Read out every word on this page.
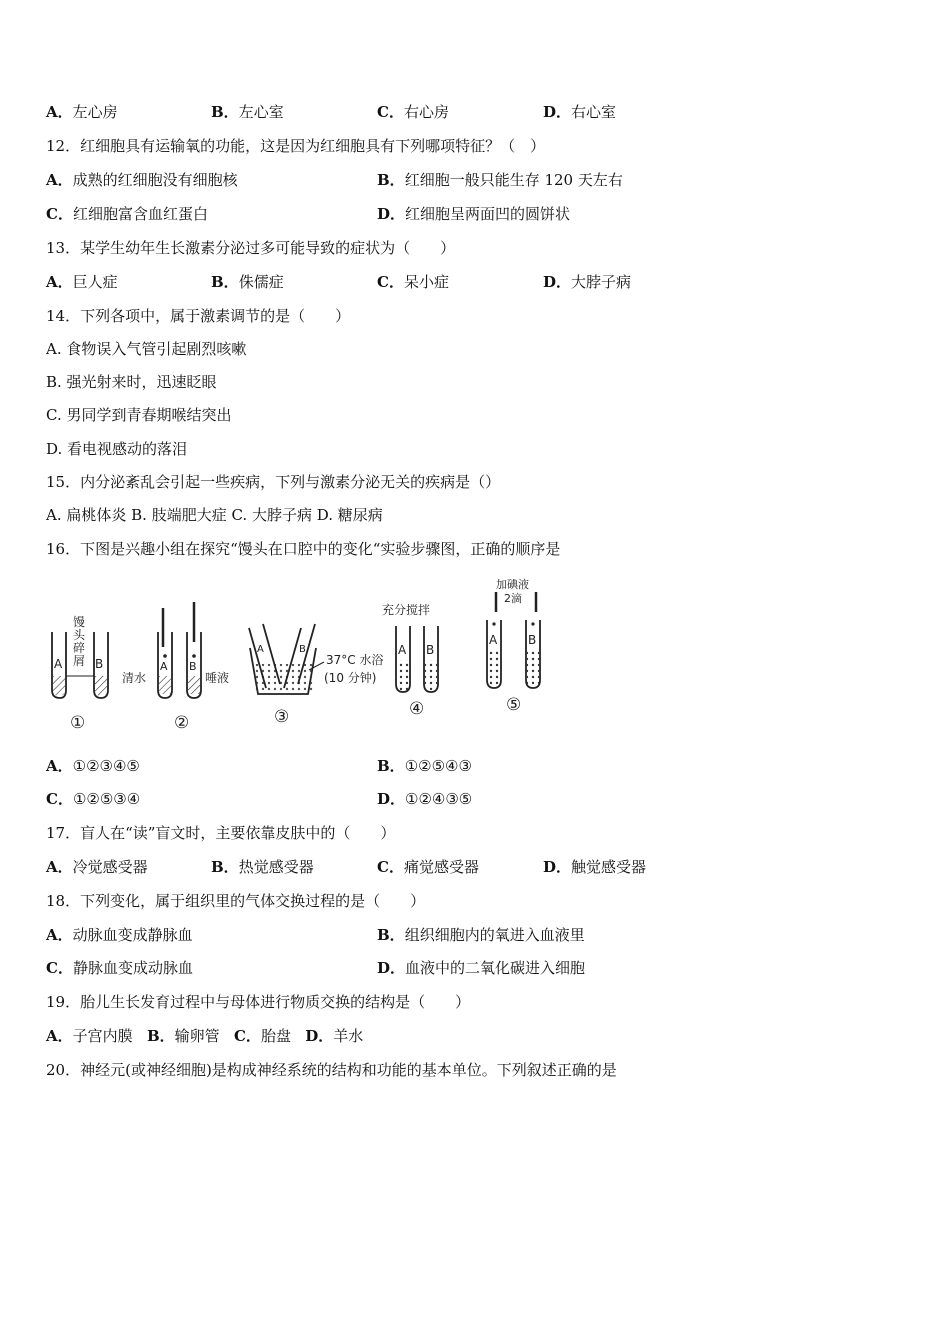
A．左心房	B．左心室	C．右心房	D．右心室
12．红细胞具有运输氧的功能，这是因为红细胞具有下列哪项特征？（　）
A．成熟的红细胞没有细胞核	B．红细胞一般只能生存 120 天左右
C．红细胞富含血红蛋白	D．红细胞呈两面凹的圆饼状
13．某学生幼年生长激素分泌过多可能导致的症状为（　　）
A．巨人症	B．侏儒症	C．呆小症	D．大脖子病
14．下列各项中，属于激素调节的是（　　）
A. 食物误入气管引起剧烈咳嗽
B. 强光射来时，迅速眨眼
C. 男同学到青春期喉结突出
D. 看电视感动的落泪
15．内分泌紊乱会引起一些疾病，下列与激素分泌无关的疾病是（）
A. 扁桃体炎 B. 肢端肥大症 C. 大脖子病 D. 糖尿病
16．下图是兴趣小组在探究“馒头在口腔中的变化“实验步骤图，正确的顺序是
A	B
馒
头
碎
屑
①
A B
清水	唾液
②
A	B
37°C 水浴
(10 分钟)
③
充分搅拌
A B
④
加碘液
2滴
A	B
⑤
A．①②③④⑤	B．①②⑤④③
C．①②⑤③④	D．①②④③⑤
17．盲人在“读”盲文时，主要依靠皮肤中的（　　）
A．冷觉感受器	B．热觉感受器	C．痛觉感受器	D．触觉感受器
18．下列变化，属于组织里的气体交换过程的是（　　）
A．动脉血变成静脉血	B．组织细胞内的氧进入血液里
C．静脉血变成动脉血	D．血液中的二氧化碳进入细胞
19．胎儿生长发育过程中与母体进行物质交换的结构是（　　）
A．子宫内膜 B．输卵管 C．胎盘 D．羊水
20．神经元(或神经细胞)是构成神经系统的结构和功能的基本单位。下列叙述正确的是
